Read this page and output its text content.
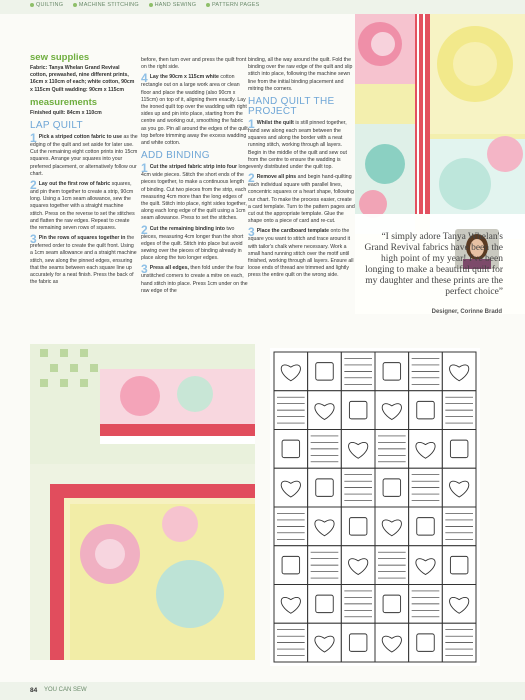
QUILTING	MACHINE STITCHING	HAND SEWING	PATTERN PAGES
sew supplies

Fabric: Tanya Whelan Grand Revival cotton, prewashed, nine different prints, 16cm x 110cm of each; white cotton, 90cm x 115cm Quilt wadding: 90cm x 115cm

measurements

Finished quilt: 84cm x 110cm

LAP QUILT

1 Pick a striped cotton fabric to use as the edging of the quilt and set aside for later use. Cut the remaining eight cotton prints into 15cm squares. Arrange your squares into your preferred placement, or alternatively follow our chart.

2 Lay out the first row of fabric squares, and pin them together to create a strip, 90cm long. Using a 1cm seam allowance, sew the squares together with a straight machine stitch. Press on the reverse to set the stitches and flatten the raw edges. Repeat to create the remaining seven rows of squares.

3 Pin the rows of squares together in the preferred order to create the quilt front. Using a 1cm seam allowance and a straight machine stitch, sew along the pinned edges, ensuring that the seams between each square line up accurately for a neat finish. Press the back of the fabric as

before, then turn over and press the quilt front on the right side.

4 Lay the 90cm x 115cm white cotton rectangle out on a large work area or clean floor and place the wadding (also 90cm x 115cm) on top of it, aligning them exactly. Lay the ironed quilt top over the wadding with right sides up and pin into place, starting from the centre and working out, smoothing the fabric as you go. Pin all around the edges of the quilt top before trimming away the excess wadding and white cotton.

ADD BINDING

1 Cut the striped fabric strip into four long 4cm wide pieces. Stitch the short ends of the pieces together, to make a continuous length of binding. Cut two pieces from the strip, each measuring 4cm more than the long edges of the quilt. Stitch into place, right sides together, along each long edge of the quilt using a 1cm seam allowance. Press to set the stitches.

2 Cut the remaining binding into two pieces, measuring 4cm longer than the short edges of the quilt. Stitch into place but avoid sewing over the pieces of binding already in place along the two longer edges.

3 Press all edges, then fold under the four unstitched corners to create a mitre on each, hand stitch into place. Press 1cm under on the raw edge of the

binding, all the way around the quilt. Fold the binding over the raw edge of the quilt and slip stitch into place, following the machine sewn line from the initial binding placement and mitring the corners.

HAND QUILT THE PROJECT

1 Whilst the quilt is still pinned together, hand sew along each seam between the squares and along the border with a neat running stitch, working through all layers. Begin in the middle of the quilt and sew out from the centre to ensure the wadding is evenly distributed under the quilt top.

2 Remove all pins and begin hand-quilting each individual square with parallel lines, concentric squares or a heart shape, following our chart. To make the process easier, create a card template. Turn to the pattern pages and cut out the appropriate template. Glue the shape onto a piece of card and re-cut.

3 Place the cardboard template onto the square you want to stitch and trace around it with tailor's chalk where necessary. Work a small hand running stitch over the motif until finished, working through all layers. Ensure all loose ends of thread are trimmed and lightly press the entire quilt on the wrong side.

“I simply adore Tanya Whelan's Grand Revival fabrics have been the high point of my year! I've been longing to make a beautiful quilt for my daughter and these prints are the perfect choice”
Designer, Corinne Bradd
84 YOU CAN SEW
